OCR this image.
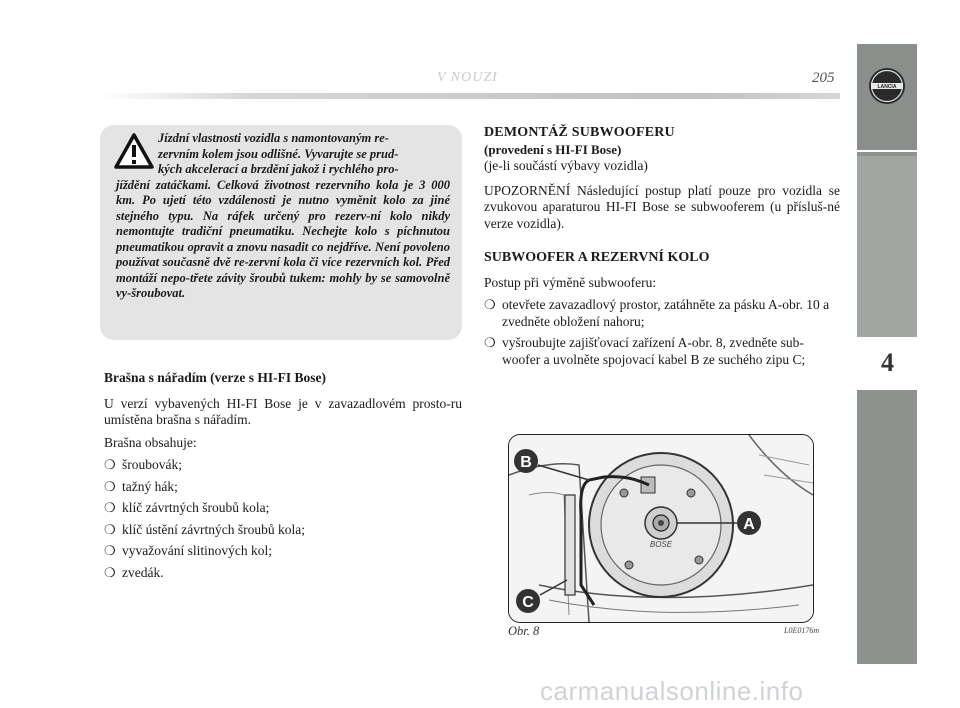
4
LANCIA
V NOUZI	205
Jízdní vlastnosti vozidla s namontovaným re-
zervním kolem jsou odlišné. Vyvarujte se prud-
kých akcelerací a brzdění jakož i rychlého pro-
jíždění zatáčkami. Celková životnost rezervního kola je 3 000 km. Po ujetí této vzdálenosti je nutno vyměnit kolo za jiné stejného typu. Na ráfek určený pro rezerv-ní kolo nikdy nemontujte tradiční pneumatiku. Nechejte kolo s píchnutou pneumatikou opravit a znovu nasadit co nejdříve. Není povoleno používat současně dvě re-zervní kola či více rezervních kol. Před montáží nepo-třete závity šroubů tukem: mohly by se samovolně vy-šroubovat.

Brašna s nářadím (verze s HI-FI Bose)

U verzí vybavených HI-FI Bose je v zavazadlovém prosto-ru umístěna brašna s nářadím.

Brašna obsahuje:

❍ šroubovák;
❍ tažný hák;
❍ klíč závrtných šroubů kola;
❍ klíč ústění závrtných šroubů kola;
❍ vyvažování slitinových kol;
❍ zvedák.

DEMONTÁŽ SUBWOOFERU

(provedení s HI-FI Bose)

(je-li součástí výbavy vozidla)

UPOZORNĚNÍ Následující postup platí pouze pro vozidla se zvukovou aparaturou HI-FI Bose se subwooferem (u přísluš-né verze vozidla).

SUBWOOFER A REZERVNÍ KOLO

Postup při výměně subwooferu:

❍ otevřete zavazadlový prostor, zatáhněte za pásku A-obr. 10 a zvedněte obložení nahoru;
❍ vyšroubujte zajišťovací zařízení A-obr. 8, zvedněte sub-woofer a uvolněte spojovací kabel B ze suchého zipu C;
BOSE
A
B
C
Obr. 8	L0E0176m
carmanualsonline.info
